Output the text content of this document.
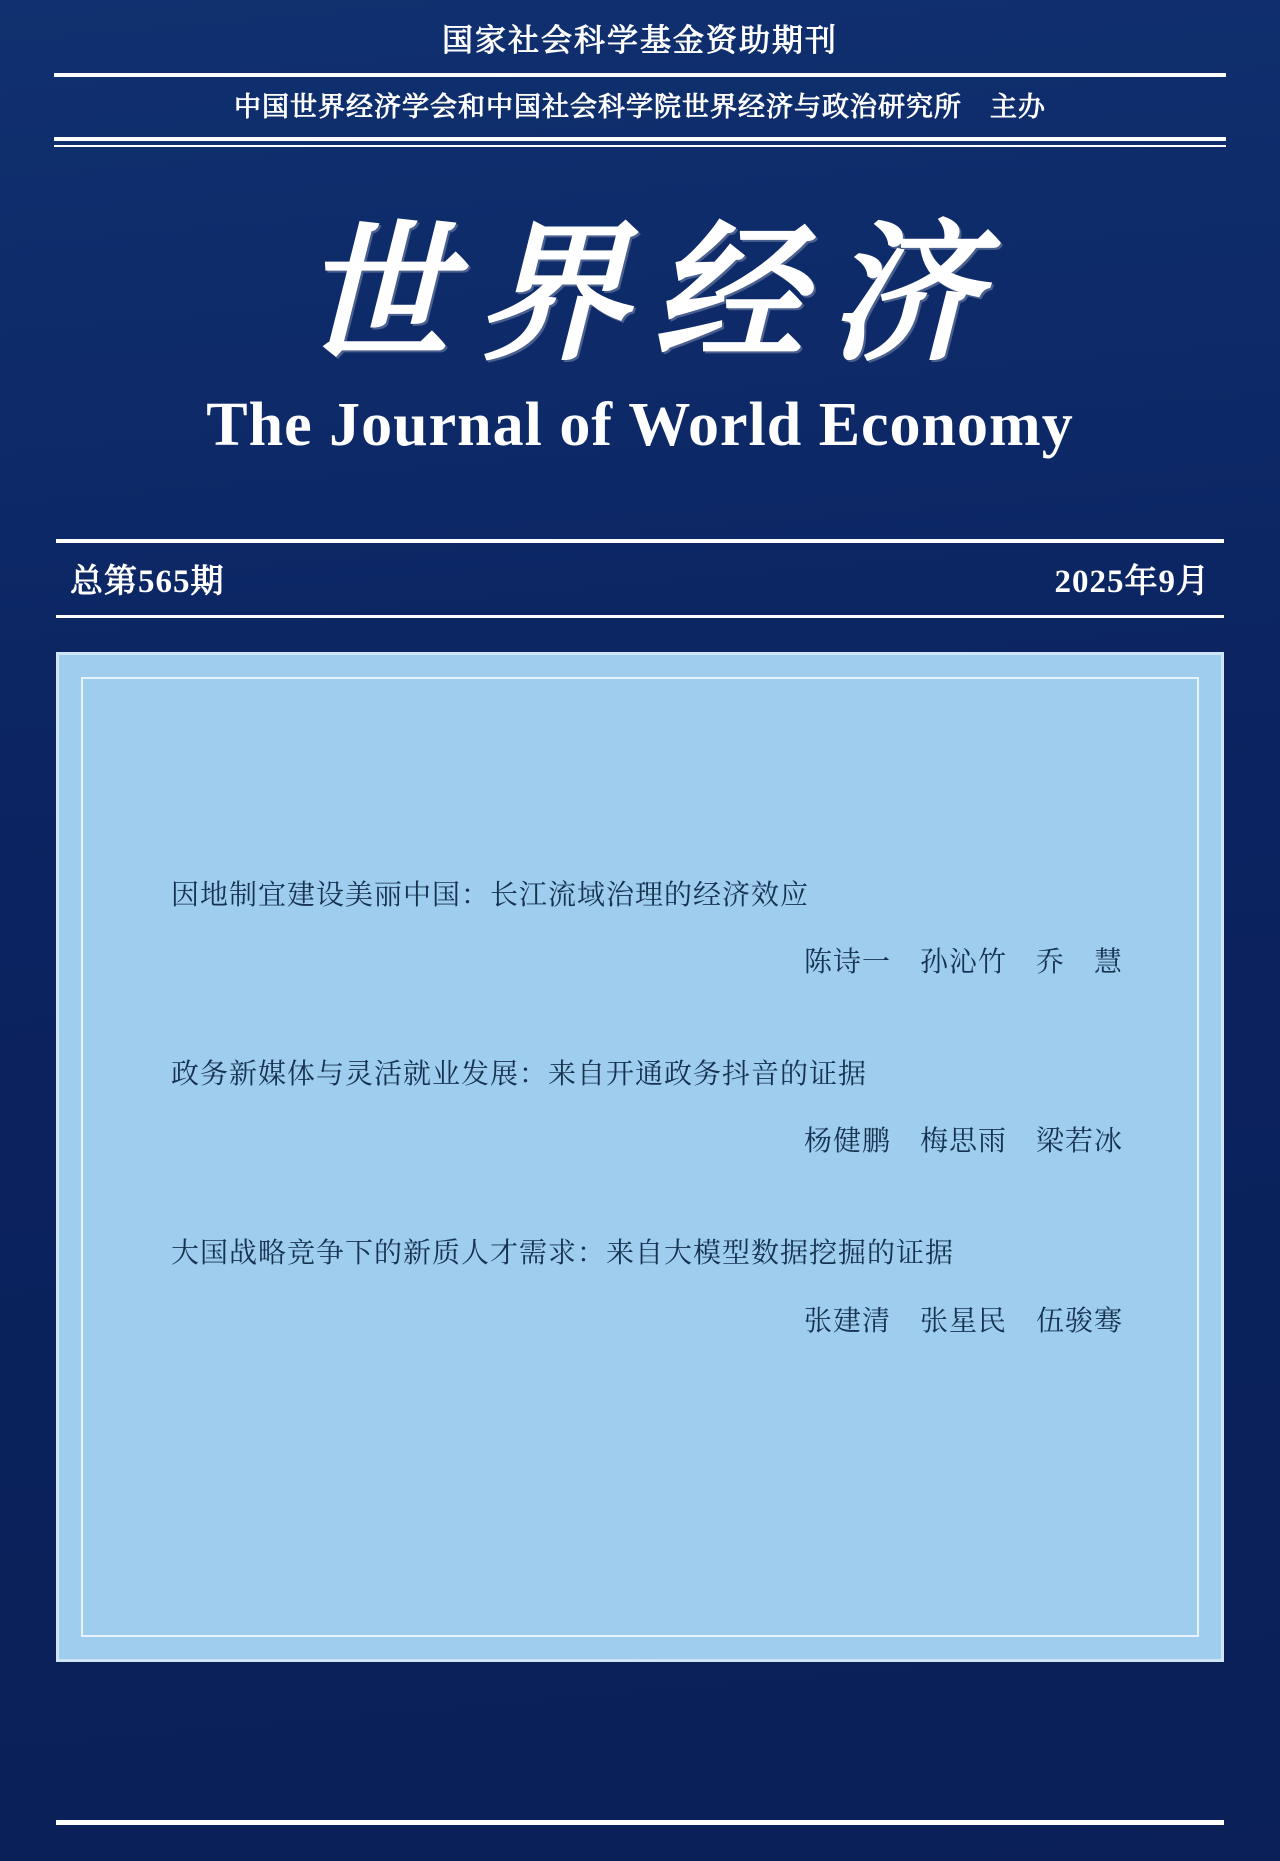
国家社会科学基金资助期刊
中国世界经济学会和中国社会科学院世界经济与政治研究所　主办
世界经济
The Journal of World Economy
总第565期	2025年9月
因地制宜建设美丽中国：长江流域治理的经济效应
陈诗一　孙沁竹　乔　慧
政务新媒体与灵活就业发展：来自开通政务抖音的证据
杨健鹏　梅思雨　梁若冰
大国战略竞争下的新质人才需求：来自大模型数据挖掘的证据
张建清　张星民　伍骏骞
